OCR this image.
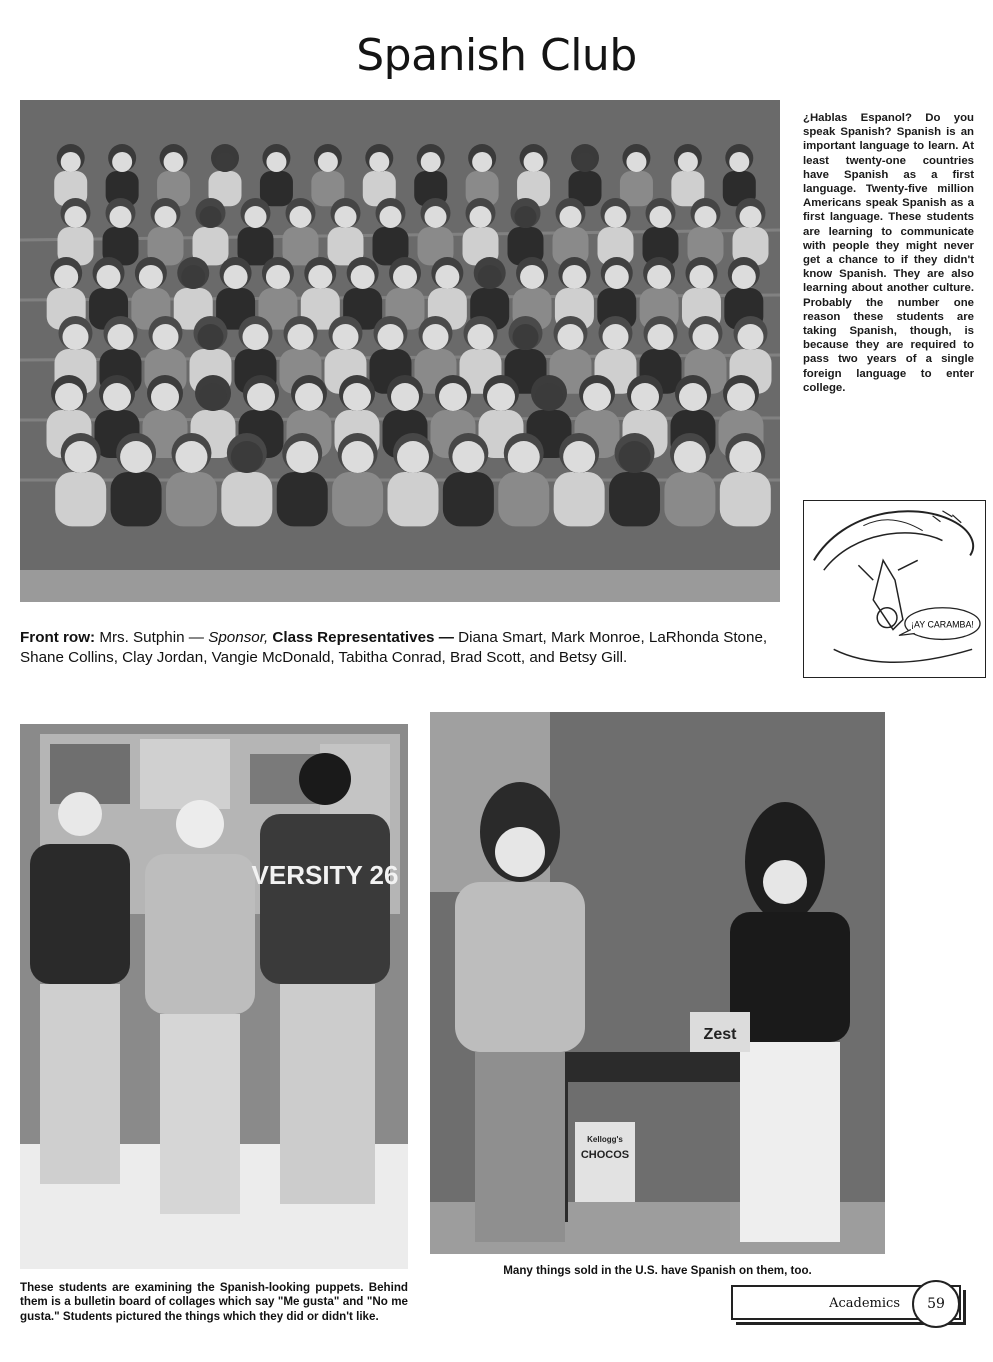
Spanish Club
¿Hablas Espanol? Do you speak Spanish? Spanish is an important language to learn. At least twenty-one countries have Spanish as a first language. Twenty-five million Americans speak Spanish as a first language. These students are learning to communicate with people they might never get a chance to if they didn't know Spanish. They are also learning about another culture. Probably the number one reason these students are taking Spanish, though, is because they are required to pass two years of a single foreign language to enter college.
¡AY CARAMBA!
Front row: Mrs. Sutphin — Sponsor, Class Representatives — Diana Smart, Mark Monroe, LaRhonda Stone, Shane Collins, Clay Jordan, Vangie McDonald, Tabitha Conrad, Brad Scott, and Betsy Gill.
VERSITY 26
Zest
Kellogg's
CHOCOS
These students are examining the Spanish-looking puppets. Behind them is a bulletin board of collages which say "Me gusta" and "No me gusta." Students pictured the things which they did or didn't like.
Many things sold in the U.S. have Spanish on them, too.
Academics	59
